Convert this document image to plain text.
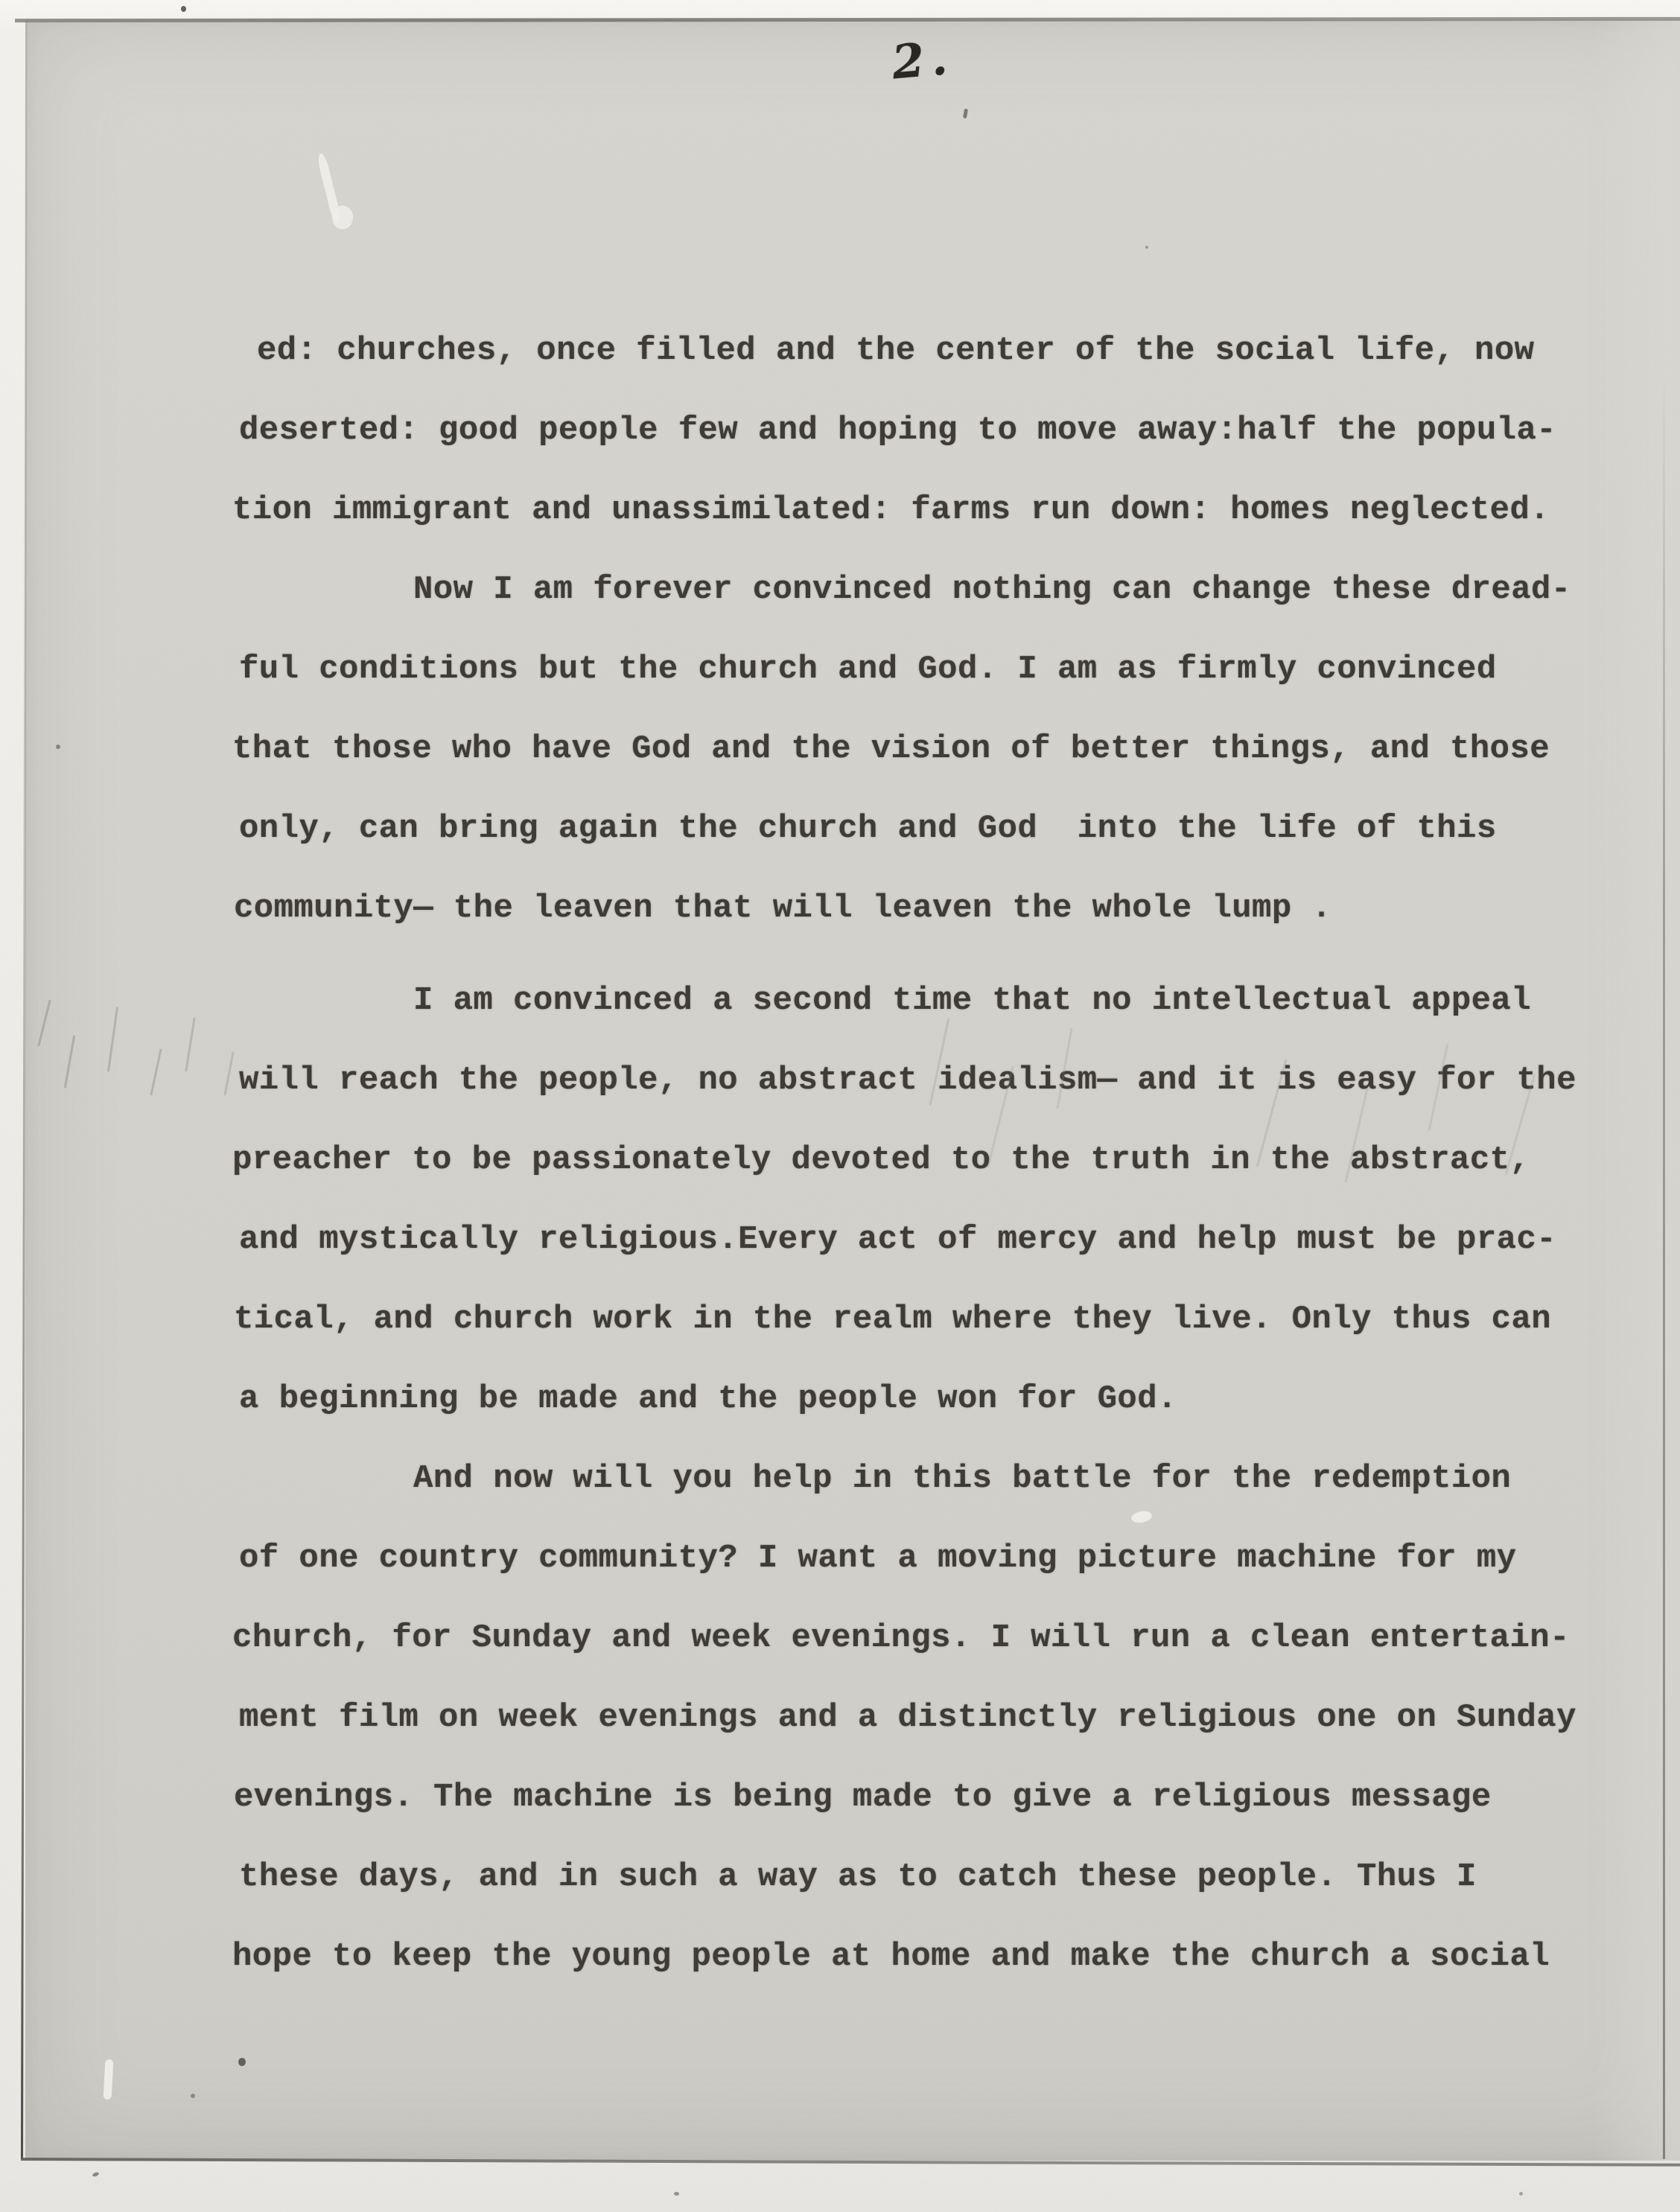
2.

ed: churches, once filled and the center of the social life, now
deserted: good people few and hoping to move away:half the popula-
tion immigrant and unassimilated: farms run down: homes neglected.

Now I am forever convinced nothing can change these dread-
ful conditions but the church and God. I am as firmly convinced
that those who have God and the vision of better things, and those
only, can bring again the church and God  into the life of this
community— the leaven that will leaven the whole lump .

I am convinced a second time that no intellectual appeal
will reach the people, no abstract idealism— and it is easy for the
preacher to be passionately devoted to the truth in the abstract,
and mystically religious.Every act of mercy and help must be prac-
tical, and church work in the realm where they live. Only thus can
a beginning be made and the people won for God.

And now will you help in this battle for the redemption
of one country community? I want a moving picture machine for my
church, for Sunday and week evenings. I will run a clean entertain-
ment film on week evenings and a distinctly religious one on Sunday
evenings. The machine is being made to give a religious message
these days, and in such a way as to catch these people. Thus I
hope to keep the young people at home and make the church a social
